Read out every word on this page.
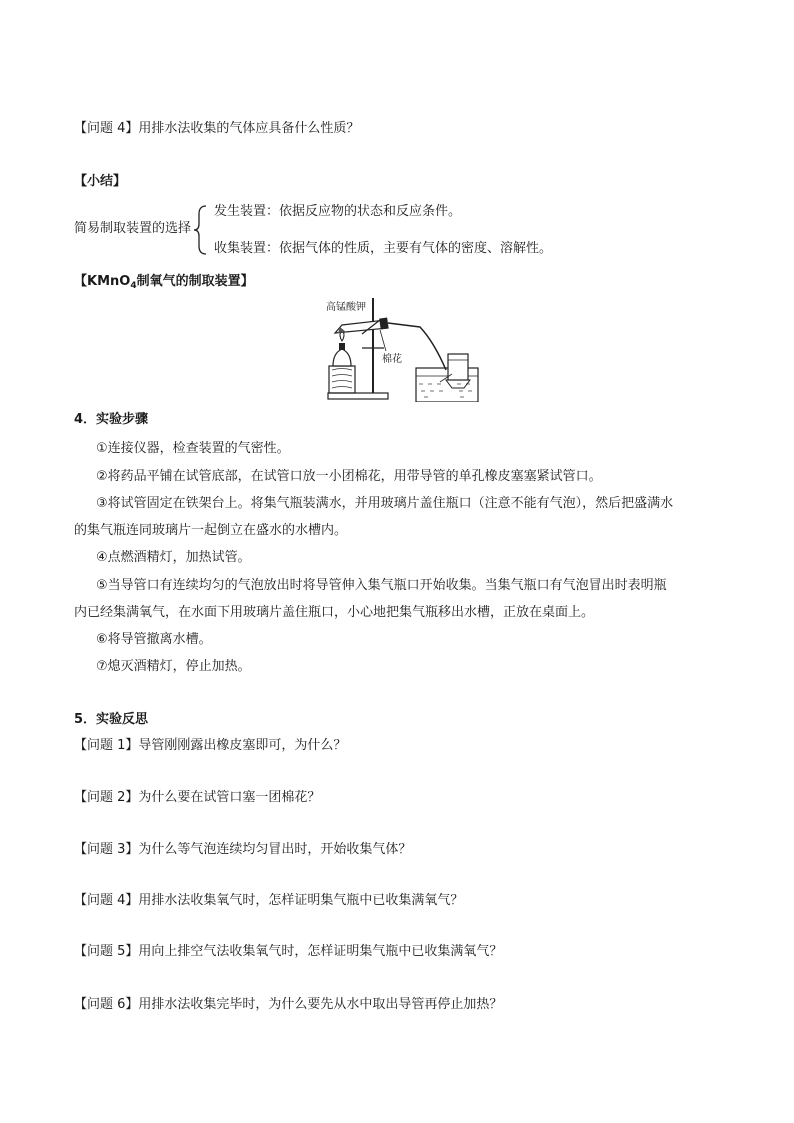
【问题 4】用排水法收集的气体应具备什么性质？
【小结】
简易制取装置的选择
发生装置：依据反应物的状态和反应条件。
收集装置：依据气体的性质，主要有气体的密度、溶解性。
【KMnO$_4$制氧气的制取装置】
高锰酸钾
棉花
4．实验步骤
①连接仪器，检查装置的气密性。
②将药品平铺在试管底部，在试管口放一小团棉花，用带导管的单孔橡皮塞塞紧试管口。
③将试管固定在铁架台上。将集气瓶装满水，并用玻璃片盖住瓶口（注意不能有气泡），然后把盛满水
的集气瓶连同玻璃片一起倒立在盛水的水槽内。
④点燃酒精灯，加热试管。
⑤当导管口有连续均匀的气泡放出时将导管伸入集气瓶口开始收集。当集气瓶口有气泡冒出时表明瓶
内已经集满氧气，在水面下用玻璃片盖住瓶口，小心地把集气瓶移出水槽，正放在桌面上。
⑥将导管撤离水槽。
⑦熄灭酒精灯，停止加热。
5．实验反思
【问题 1】导管刚刚露出橡皮塞即可，为什么？
【问题 2】为什么要在试管口塞一团棉花？
【问题 3】为什么等气泡连续均匀冒出时，开始收集气体？
【问题 4】用排水法收集氧气时，怎样证明集气瓶中已收集满氧气？
【问题 5】用向上排空气法收集氧气时，怎样证明集气瓶中已收集满氧气？
【问题 6】用排水法收集完毕时，为什么要先从水中取出导管再停止加热？
